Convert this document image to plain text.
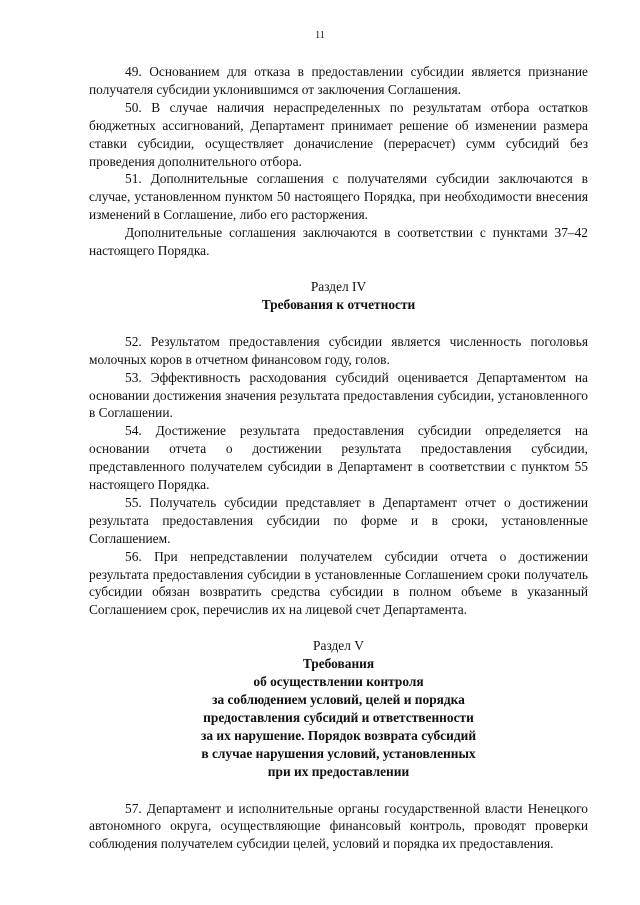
11

49. Основанием для отказа в предоставлении субсидии является признание получателя субсидии уклонившимся от заключения Соглашения.

50. В случае наличия нераспределенных по результатам отбора остатков бюджетных ассигнований, Департамент принимает решение об изменении размера ставки субсидии, осуществляет доначисление (перерасчет) сумм субсидий без проведения дополнительного отбора.

51. Дополнительные соглашения с получателями субсидии заключаются в случае, установленном пунктом 50 настоящего Порядка, при необходимости внесения изменений в Соглашение, либо его расторжения.

Дополнительные соглашения заключаются в соответствии с пунктами 37–42 настоящего Порядка.

Раздел IV
Требования к отчетности

52. Результатом предоставления субсидии является численность поголовья молочных коров в отчетном финансовом году, голов.

53. Эффективность расходования субсидий оценивается Департаментом на основании достижения значения результата предоставления субсидии, установленного в Соглашении.

54. Достижение результата предоставления субсидии определяется на основании отчета о достижении результата предоставления субсидии, представленного получателем субсидии в Департамент в соответствии с пунктом 55 настоящего Порядка.

55. Получатель субсидии представляет в Департамент отчет о достижении результата предоставления субсидии по форме и в сроки, установленные Соглашением.

56. При непредставлении получателем субсидии отчета о достижении результата предоставления субсидии в установленные Соглашением сроки получатель субсидии обязан возвратить средства субсидии в полном объеме в указанный Соглашением срок, перечислив их на лицевой счет Департамента.

Раздел V
Требования
об осуществлении контроля
за соблюдением условий, целей и порядка
предоставления субсидий и ответственности
за их нарушение. Порядок возврата субсидий
в случае нарушения условий, установленных
при их предоставлении

57. Департамент и исполнительные органы государственной власти Ненецкого автономного округа, осуществляющие финансовый контроль, проводят проверки соблюдения получателем субсидии целей, условий и порядка их предоставления.
